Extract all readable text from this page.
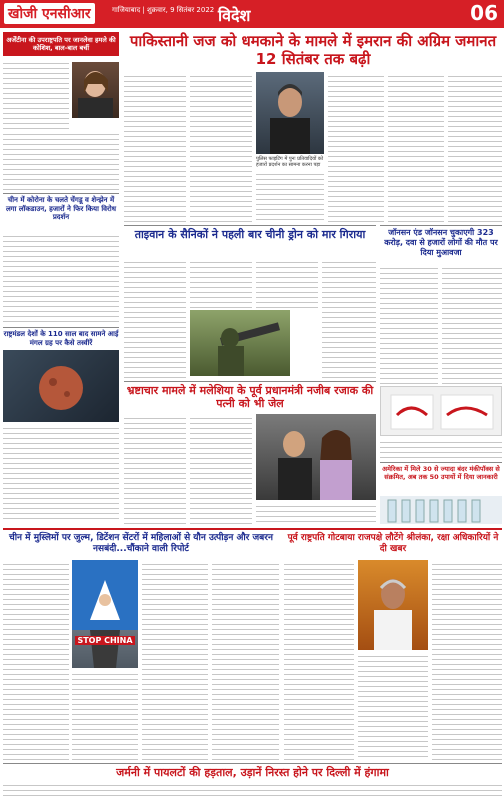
खोजी एनसीआर	गाजियाबाद | शुक्रवार, 9 सितंबर 2022 विदेश	06
अर्जेंटीना की उपराष्ट्रपति पर जानलेवा हमले की कोशिश, बाल-बाल बचीं
चीन में कोरोना के चलते चेंगडू व शेन्झेन में लगा लॉकडाउन, हजारों ने फिर किया विरोध प्रदर्शन
राष्ट्रमंडल देशों के 110 साल बाद सामने आई मंगल ग्रह पर कैसे तस्वीरें
पाकिस्तानी जज को धमकाने के मामले में इमरान की अग्रिम जमानत 12 सितंबर तक बढ़ी
पुलिस फाइटिंग में पुनः प्रतिवादियों को हजारों प्रदर्शन का सामना करना पड़ा
ताइवान के सैनिकों ने पहली बार चीनी ड्रोन को मार गिराया	जॉनसन एंड जॉनसन चुकाएगी 323 करोड़, दवा से हजारों लोगों की मौत पर दिया मुआवजा
भ्रष्टाचार मामले में मलेशिया के पूर्व प्रधानमंत्री नजीब रजाक की पत्नी को भी जेल
अमेरिका में मिले 30 से ज्यादा बंदर मंकीपॉक्स से संक्रमित, अब तक 50 उपायों में दिया जानकारी
चीन में मुस्लिमों पर जुल्म, डिटेंशन सेंटरों में महिलाओं से यौन उत्पीड़न और जबरन नसबंदी...चौंकाने वाली रिपोर्ट
STOP CHINA
पूर्व राष्ट्रपति गोटबाया राजपक्षे लौटेंगे श्रीलंका, रक्षा अधिकारियों ने दी खबर
जर्मनी में पायलटों की हड़ताल, उड़ानें निरस्त होने पर दिल्ली में हंगामा
